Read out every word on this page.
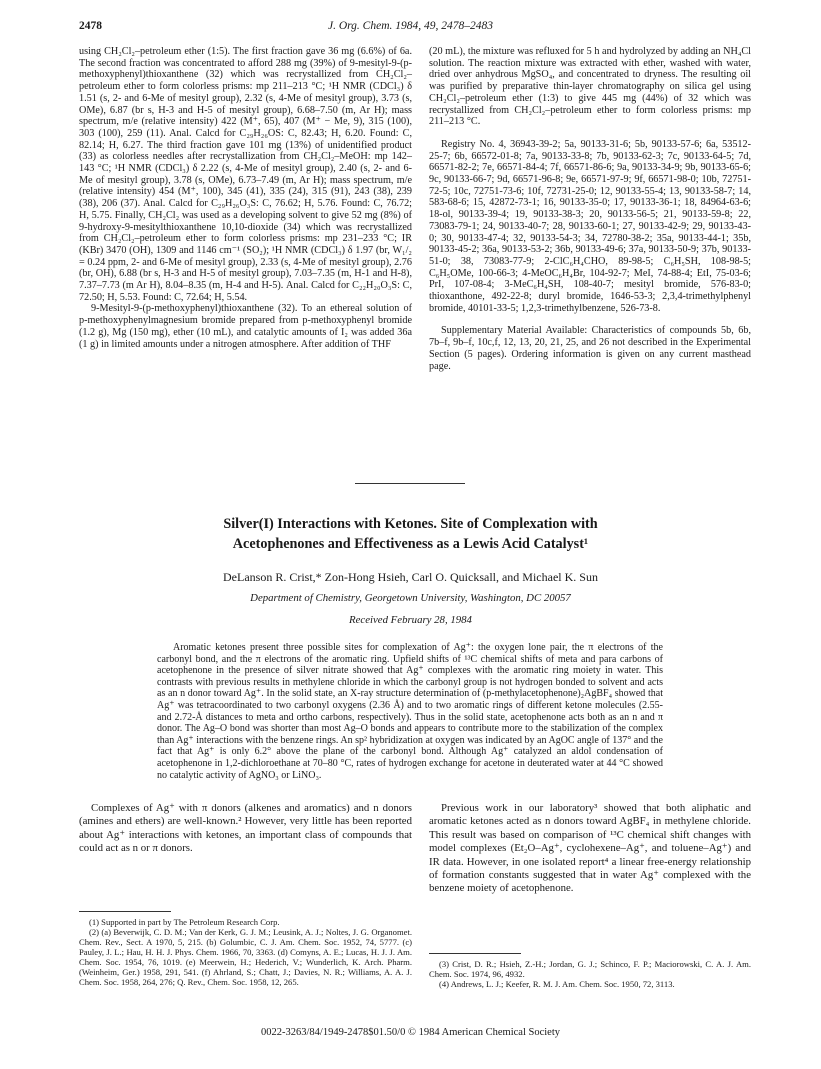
2478	J. Org. Chem. 1984, 49, 2478–2483

using CH₂Cl₂–petroleum ether (1:5). The first fraction gave 36 mg (6.6%) of 6a. The second fraction was concentrated to afford 288 mg (39%) of 9-mesityl-9-(p-methoxyphenyl)thioxanthene (32) which was recrystallized from CH₂Cl₂–petroleum ether to form colorless prisms: mp 211–213 °C; ¹H NMR (CDCl₃) δ 1.51 (s, 2- and 6-Me of mesityl group), 2.32 (s, 4-Me of mesityl group), 3.73 (s, OMe), 6.87 (br s, H-3 and H-5 of mesityl group), 6.68–7.50 (m, Ar H); mass spectrum, m/e (relative intensity) 422 (M⁺, 65), 407 (M⁺ − Me, 9), 315 (100), 303 (100), 259 (11). Anal. Calcd for C₂₉H₂₆OS: C, 82.43; H, 6.20. Found: C, 82.14; H, 6.27. The third fraction gave 101 mg (13%) of unidentified product (33) as colorless needles after recrystallization from CH₂Cl₂–MeOH: mp 142–143 °C; ¹H NMR (CDCl₃) δ 2.22 (s, 4-Me of mesityl group), 2.40 (s, 2- and 6-Me of mesityl group), 3.78 (s, OMe), 6.73–7.49 (m, Ar H); mass spectrum, m/e (relative intensity) 454 (M⁺, 100), 345 (41), 335 (24), 315 (91), 243 (38), 239 (38), 206 (37). Anal. Calcd for C₂₉H₂₆O₃S: C, 76.62; H, 5.76. Found: C, 76.72; H, 5.75. Finally, CH₂Cl₂ was used as a developing solvent to give 52 mg (8%) of 9-hydroxy-9-mesitylthioxanthene 10,10-dioxide (34) which was recrystallized from CH₂Cl₂–petroleum ether to form colorless prisms: mp 231–233 °C; IR (KBr) 3470 (OH), 1309 and 1146 cm⁻¹ (SO₂); ¹H NMR (CDCl₃) δ 1.97 (br, W₁/₂ = 0.24 ppm, 2- and 6-Me of mesityl group), 2.33 (s, 4-Me of mesityl group), 2.76 (br, OH), 6.88 (br s, H-3 and H-5 of mesityl group), 7.03–7.35 (m, H-1 and H-8), 7.37–7.73 (m Ar H), 8.04–8.35 (m, H-4 and H-5). Anal. Calcd for C₂₂H₂₀O₃S: C, 72.50; H, 5.53. Found: C, 72.64; H, 5.54.

9-Mesityl-9-(p-methoxyphenyl)thioxanthene (32). To an ethereal solution of p-methoxyphenylmagnesium bromide prepared from p-methoxyphenyl bromide (1.2 g), Mg (150 mg), ether (10 mL), and catalytic amounts of I₂ was added 36a (1 g) in limited amounts under a nitrogen atmosphere. After addition of THF

(20 mL), the mixture was refluxed for 5 h and hydrolyzed by adding an NH₄Cl solution. The reaction mixture was extracted with ether, washed with water, dried over anhydrous MgSO₄, and concentrated to dryness. The resulting oil was purified by preparative thin-layer chromatography on silica gel using CH₂Cl₂–petroleum ether (1:3) to give 445 mg (44%) of 32 which was recrystallized from CH₂Cl₂–petroleum ether to form colorless prisms: mp 211–213 °C.

Registry No. 4, 36943-39-2; 5a, 90133-31-6; 5b, 90133-57-6; 6a, 53512-25-7; 6b, 66572-01-8; 7a, 90133-33-8; 7b, 90133-62-3; 7c, 90133-64-5; 7d, 66571-82-2; 7e, 66571-84-4; 7f, 66571-86-6; 9a, 90133-34-9; 9b, 90133-65-6; 9c, 90133-66-7; 9d, 66571-96-8; 9e, 66571-97-9; 9f, 66571-98-0; 10b, 72751-72-5; 10c, 72751-73-6; 10f, 72731-25-0; 12, 90133-55-4; 13, 90133-58-7; 14, 583-68-6; 15, 42872-73-1; 16, 90133-35-0; 17, 90133-36-1; 18, 84964-63-6; 18-ol, 90133-39-4; 19, 90133-38-3; 20, 90133-56-5; 21, 90133-59-8; 22, 73083-79-1; 24, 90133-40-7; 28, 90133-60-1; 27, 90133-42-9; 29, 90133-43-0; 30, 90133-47-4; 32, 90133-54-3; 34, 72780-38-2; 35a, 90133-44-1; 35b, 90133-45-2; 36a, 90133-53-2; 36b, 90133-49-6; 37a, 90133-50-9; 37b, 90133-51-0; 38, 73083-77-9; 2-ClC₆H₄CHO, 89-98-5; C₆H₅SH, 108-98-5; C₆H₅OMe, 100-66-3; 4-MeOC₆H₄Br, 104-92-7; MeI, 74-88-4; EtI, 75-03-6; PrI, 107-08-4; 3-MeC₆H₄SH, 108-40-7; mesityl bromide, 576-83-0; thioxanthone, 492-22-8; duryl bromide, 1646-53-3; 2,3,4-trimethylphenyl bromide, 40101-33-5; 1,2,3-trimethylbenzene, 526-73-8.

Supplementary Material Available: Characteristics of compounds 5b, 6b, 7b–f, 9b–f, 10c,f, 12, 13, 20, 21, 25, and 26 not described in the Experimental Section (5 pages). Ordering information is given on any current masthead page.

Silver(I) Interactions with Ketones. Site of Complexation with
Acetophenones and Effectiveness as a Lewis Acid Catalyst¹
DeLanson R. Crist,* Zon-Hong Hsieh, Carl O. Quicksall, and Michael K. Sun
Department of Chemistry, Georgetown University, Washington, DC 20057
Received February 28, 1984

Aromatic ketones present three possible sites for complexation of Ag⁺: the oxygen lone pair, the π electrons of the carbonyl bond, and the π electrons of the aromatic ring. Upfield shifts of ¹³C chemical shifts of meta and para carbons of acetophenone in the presence of silver nitrate showed that Ag⁺ complexes with the aromatic ring moiety in water. This contrasts with previous results in methylene chloride in which the carbonyl group is not hydrogen bonded to solvent and acts as an n donor toward Ag⁺. In the solid state, an X-ray structure determination of (p-methylacetophenone)₂AgBF₄ showed that Ag⁺ was tetracoordinated to two carbonyl oxygens (2.36 Å) and to two aromatic rings of different ketone molecules (2.55- and 2.72-Å distances to meta and ortho carbons, respectively). Thus in the solid state, acetophenone acts both as an n and π donor. The Ag–O bond was shorter than most Ag–O bonds and appears to contribute more to the stabilization of the complex than Ag⁺ interactions with the benzene rings. An sp² hybridization at oxygen was indicated by an AgOC angle of 137° and the fact that Ag⁺ is only 6.2° above the plane of the carbonyl bond. Although Ag⁺ catalyzed an aldol condensation of acetophenone in 1,2-dichloroethane at 70–80 °C, rates of hydrogen exchange for acetone in deuterated water at 44 °C showed no catalytic activity of AgNO₃ or LiNO₃.

Complexes of Ag⁺ with π donors (alkenes and aromatics) and n donors (amines and ethers) are well-known.² However, very little has been reported about Ag⁺ interactions with ketones, an important class of compounds that could act as n or π donors.

Previous work in our laboratory³ showed that both aliphatic and aromatic ketones acted as n donors toward AgBF₄ in methylene chloride. This result was based on comparison of ¹³C chemical shift changes with model complexes (Et₂O–Ag⁺, cyclohexene–Ag⁺, and toluene–Ag⁺) and IR data. However, in one isolated report⁴ a linear free-energy relationship of formation constants suggested that in water Ag⁺ complexed with the benzene moiety of acetophenone.

(1) Supported in part by The Petroleum Research Corp.

(2) (a) Beverwijk, C. D. M.; Van der Kerk, G. J. M.; Leusink, A. J.; Noltes, J. G. Organomet. Chem. Rev., Sect. A 1970, 5, 215. (b) Golumbic, C. J. Am. Chem. Soc. 1952, 74, 5777. (c) Pauley, J. L.; Hau, H. H. J. Phys. Chem. 1966, 70, 3363. (d) Comyns, A. E.; Lucas, H. J. J. Am. Chem. Soc. 1954, 76, 1019. (e) Meerwein, H.; Hederich, V.; Wunderlich, K. Arch. Pharm. (Weinheim, Ger.) 1958, 291, 541. (f) Ahrland, S.; Chatt, J.; Davies, N. R.; Williams, A. A. J. Chem. Soc. 1958, 264, 276; Q. Rev., Chem. Soc. 1958, 12, 265.

(3) Crist, D. R.; Hsieh, Z.-H.; Jordan, G. J.; Schinco, F. P.; Maciorowski, C. A. J. Am. Chem. Soc. 1974, 96, 4932.

(4) Andrews, L. J.; Keefer, R. M. J. Am. Chem. Soc. 1950, 72, 3113.

0022-3263/84/1949-2478$01.50/0 © 1984 American Chemical Society
